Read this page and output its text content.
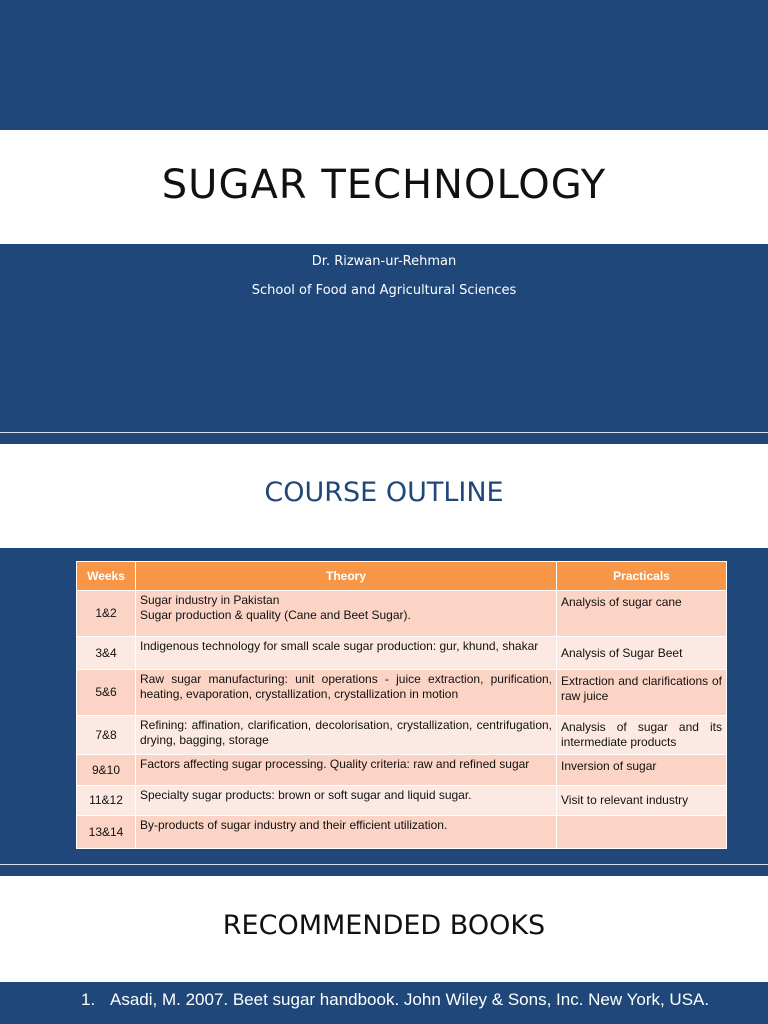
SUGAR TECHNOLOGY
Dr. Rizwan-ur-Rehman
School of Food and Agricultural Sciences
COURSE OUTLINE
Weeks	Theory	Practicals
1&2	Sugar industry in Pakistan
Sugar production & quality (Cane and Beet Sugar).	Analysis of sugar cane
3&4	Indigenous technology for small scale sugar production: gur, khund, shakar	Analysis of Sugar Beet
5&6	Raw sugar manufacturing: unit operations - juice extraction, purification, heating, evaporation, crystallization, crystallization in motion	Extraction and clarifications of raw juice
7&8	Refining: affination, clarification, decolorisation, crystallization, centrifugation, drying, bagging, storage	Analysis of sugar and its intermediate products
9&10	Factors affecting sugar processing. Quality criteria: raw and refined sugar	Inversion of sugar
11&12	Specialty sugar products: brown or soft sugar and liquid sugar.	Visit to relevant industry
13&14	By-products of sugar industry and their efficient utilization.	
RECOMMENDED BOOKS
1. Asadi, M. 2007. Beet sugar handbook. John Wiley & Sons, Inc. New York, USA.
